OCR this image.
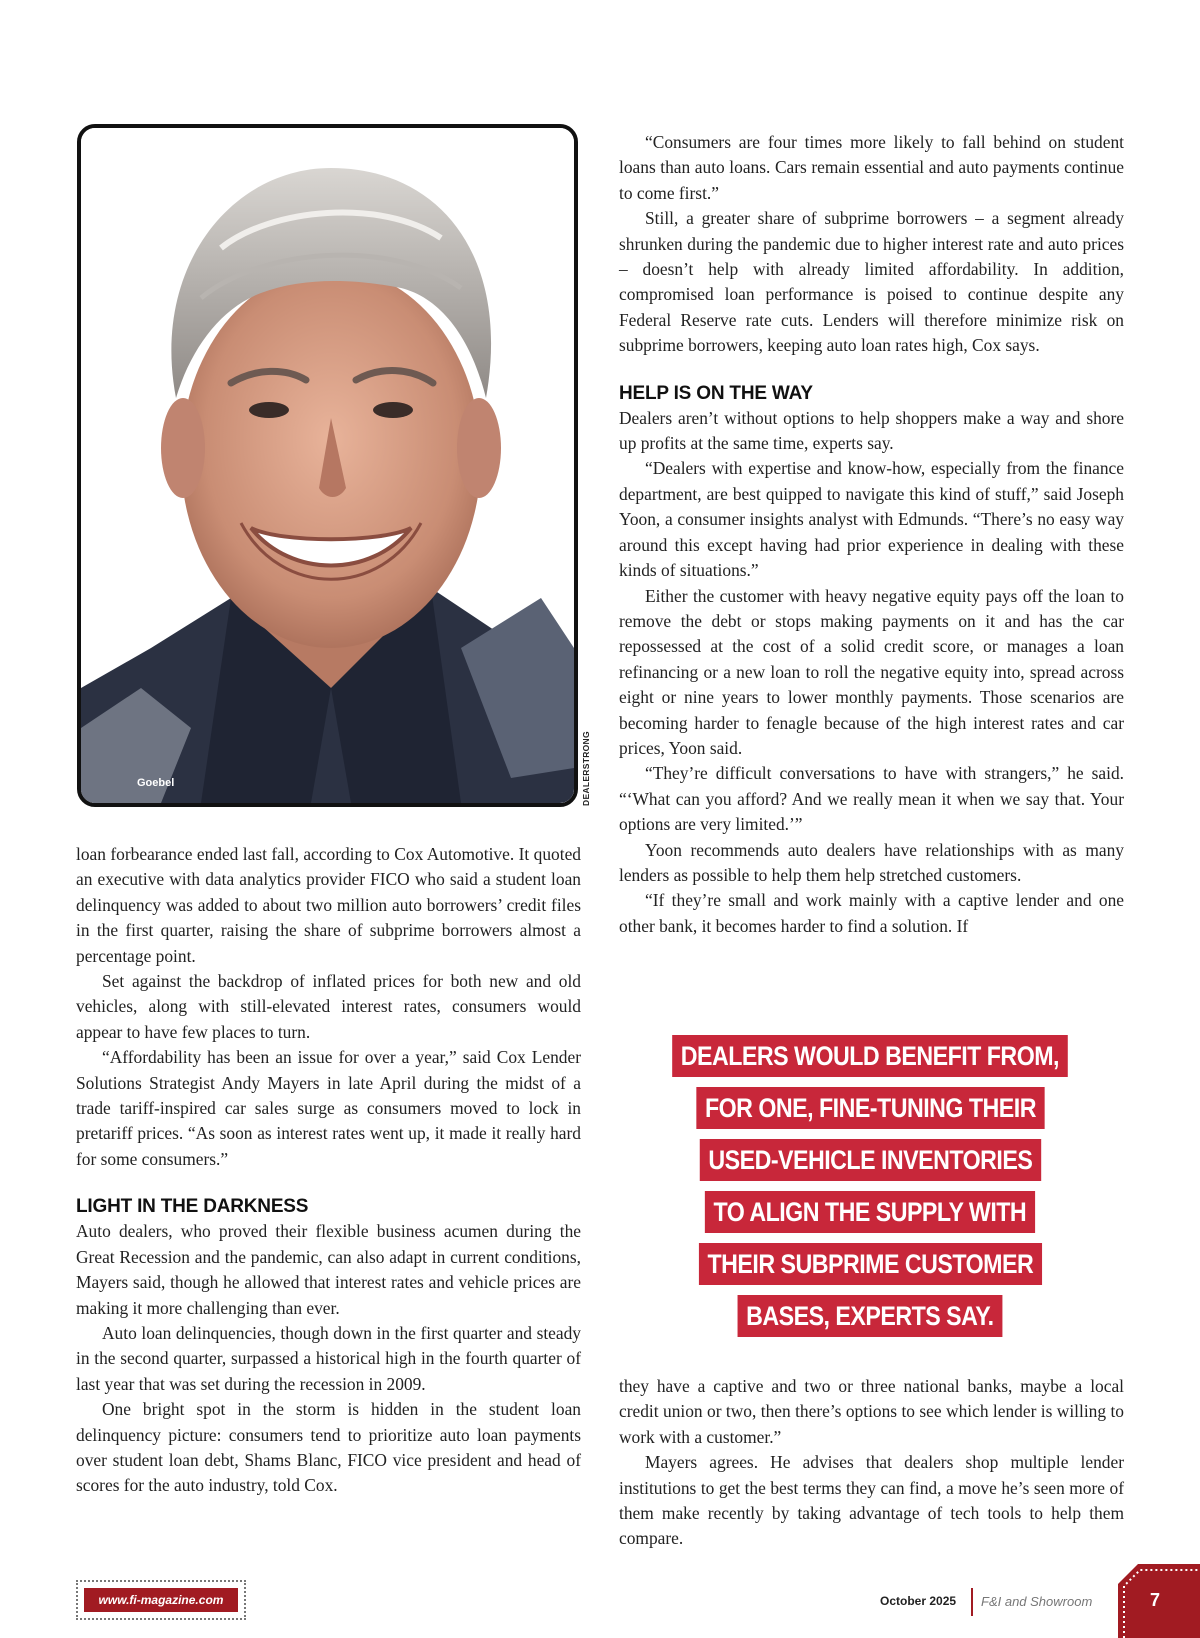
Goebel	DEALERSTRONG

loan forbearance ended last fall, according to Cox Automotive. It quoted an executive with data analytics provider FICO who said a student loan delinquency was added to about two million auto borrowers’ credit files in the first quarter, raising the share of subprime borrowers almost a percentage point.

Set against the backdrop of inflated prices for both new and old vehicles, along with still-elevated interest rates, consumers would appear to have few places to turn.

“Affordability has been an issue for over a year,” said Cox Lender Solutions Strategist Andy Mayers in late April during the midst of a trade tariff-inspired car sales surge as consumers moved to lock in pretariff prices. “As soon as interest rates went up, it made it really hard for some consumers.”

LIGHT IN THE DARKNESS

Auto dealers, who proved their flexible business acumen during the Great Recession and the pandemic, can also adapt in current conditions, Mayers said, though he allowed that interest rates and vehicle prices are making it more challenging than ever.

Auto loan delinquencies, though down in the first quarter and steady in the second quarter, surpassed a historical high in the fourth quarter of last year that was set during the recession in 2009.

One bright spot in the storm is hidden in the student loan delinquency picture: consumers tend to prioritize auto loan payments over student loan debt, Shams Blanc, FICO vice president and head of scores for the auto industry, told Cox.

“Consumers are four times more likely to fall behind on student loans than auto loans. Cars remain essential and auto payments continue to come first.”

Still, a greater share of subprime borrowers – a segment already shrunken during the pandemic due to higher interest rate and auto prices – doesn’t help with already limited affordability. In addition, compromised loan performance is poised to continue despite any Federal Reserve rate cuts. Lenders will therefore minimize risk on subprime borrowers, keeping auto loan rates high, Cox says.

HELP IS ON THE WAY

Dealers aren’t without options to help shoppers make a way and shore up profits at the same time, experts say.

“Dealers with expertise and know-how, especially from the finance department, are best quipped to navigate this kind of stuff,” said Joseph Yoon, a consumer insights analyst with Edmunds. “There’s no easy way around this except having had prior experience in dealing with these kinds of situations.”

Either the customer with heavy negative equity pays off the loan to remove the debt or stops making payments on it and has the car repossessed at the cost of a solid credit score, or manages a loan refinancing or a new loan to roll the negative equity into, spread across eight or nine years to lower monthly payments. Those scenarios are becoming harder to fenagle because of the high interest rates and car prices, Yoon said.

“They’re difficult conversations to have with strangers,” he said. “‘What can you afford? And we really mean it when we say that. Your options are very limited.’”

Yoon recommends auto dealers have relationships with as many lenders as possible to help them help stretched customers.

“If they’re small and work mainly with a captive lender and one other bank, it becomes harder to find a solution. If

DEALERS WOULD BENEFIT FROM,
FOR ONE, FINE-TUNING THEIR
USED-VEHICLE INVENTORIES
TO ALIGN THE SUPPLY WITH
THEIR SUBPRIME CUSTOMER
BASES, EXPERTS SAY.

they have a captive and two or three national banks, maybe a local credit union or two, then there’s options to see which lender is willing to work with a customer.”

Mayers agrees. He advises that dealers shop multiple lender institutions to get the best terms they can find, a move he’s seen more of them make recently by taking advantage of tech tools to help them compare.

www.fi-magazine.com	October 2025 F&I and Showroom	7
